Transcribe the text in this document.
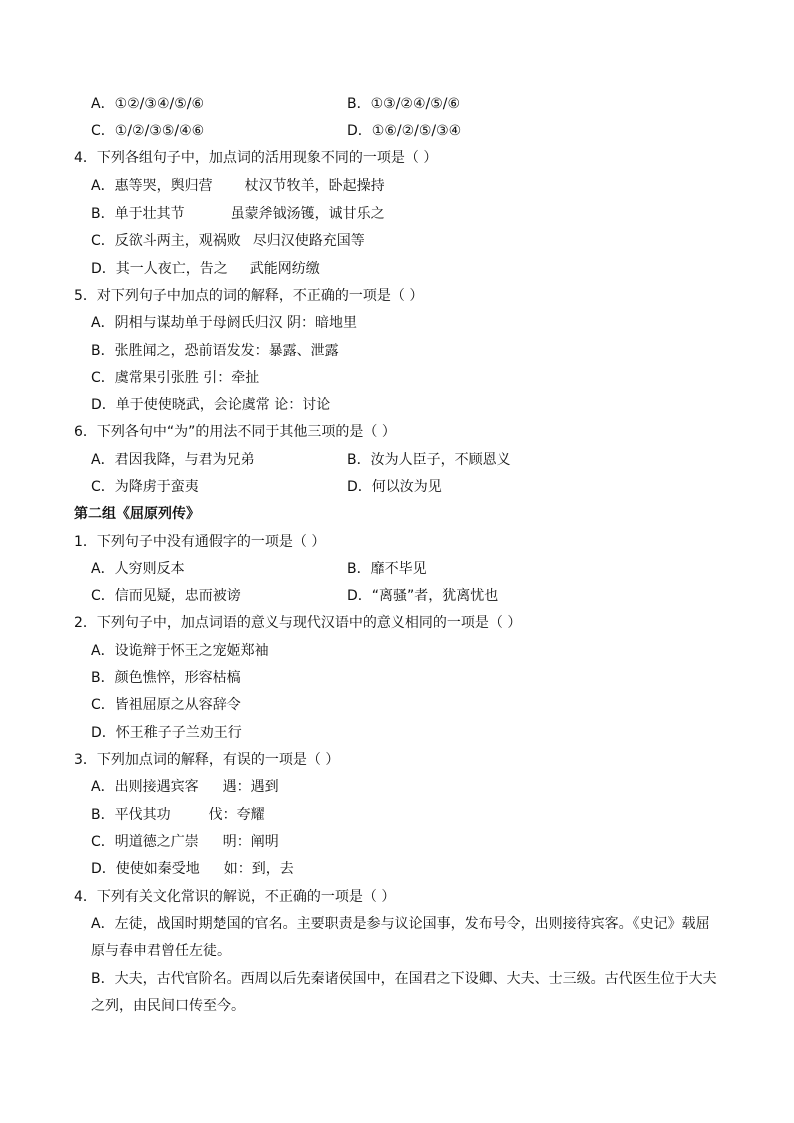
A．①②/③④/⑤/⑥	B．①③/②④/⑤/⑥
C．①/②/③⑤/④⑥	D．①⑥/②/⑤/③④
4．下列各组句子中，加点词的活用现象不同的一项是（ ）
A．惠等哭，舆归营 杖汉节牧羊，卧起操持
B．单于壮其节	虽蒙斧钺汤镬，诚甘乐之
C．反欲斗两主，观祸败 尽归汉使路充国等
D．其一人夜亡，告之 武能网纺缴
5．对下列句子中加点的词的解释，不正确的一项是（ ）
A．阴相与谋劫单于母阏氏归汉 阴：暗地里
B．张胜闻之，恐前语发发：暴露、泄露
C．虞常果引张胜 引：牵扯
D．单于使使晓武，会论虞常 论：讨论
6．下列各句中“为”的用法不同于其他三项的是（ ）
A．君因我降，与君为兄弟	B．汝为人臣子，不顾恩义
C．为降虏于蛮夷	D．何以汝为见
第二组《屈原列传》
1．下列句子中没有通假字的一项是（ ）
A．人穷则反本	B．靡不毕见
C．信而见疑，忠而被谤	D．“离骚”者，犹离忧也
2．下列句子中，加点词语的意义与现代汉语中的意义相同的一项是（ ）
A．设诡辩于怀王之宠姬郑袖
B．颜色憔悴，形容枯槁
C．皆祖屈原之从容辞令
D．怀王稚子子兰劝王行
3．下列加点词的解释，有误的一项是（ ）
A．出则接遇宾客 遇：遇到
B．平伐其功	伐：夸耀
C．明道德之广崇 明：阐明
D．使使如秦受地 如：到，去
4．下列有关文化常识的解说，不正确的一项是（ ）
A．左徒，战国时期楚国的官名。主要职责是参与议论国事，发布号令，出则接待宾客。《史记》载屈
原与春申君曾任左徒。
B．大夫，古代官阶名。西周以后先秦诸侯国中，在国君之下设卿、大夫、士三级。古代医生位于大夫
之列，由民间口传至今。
